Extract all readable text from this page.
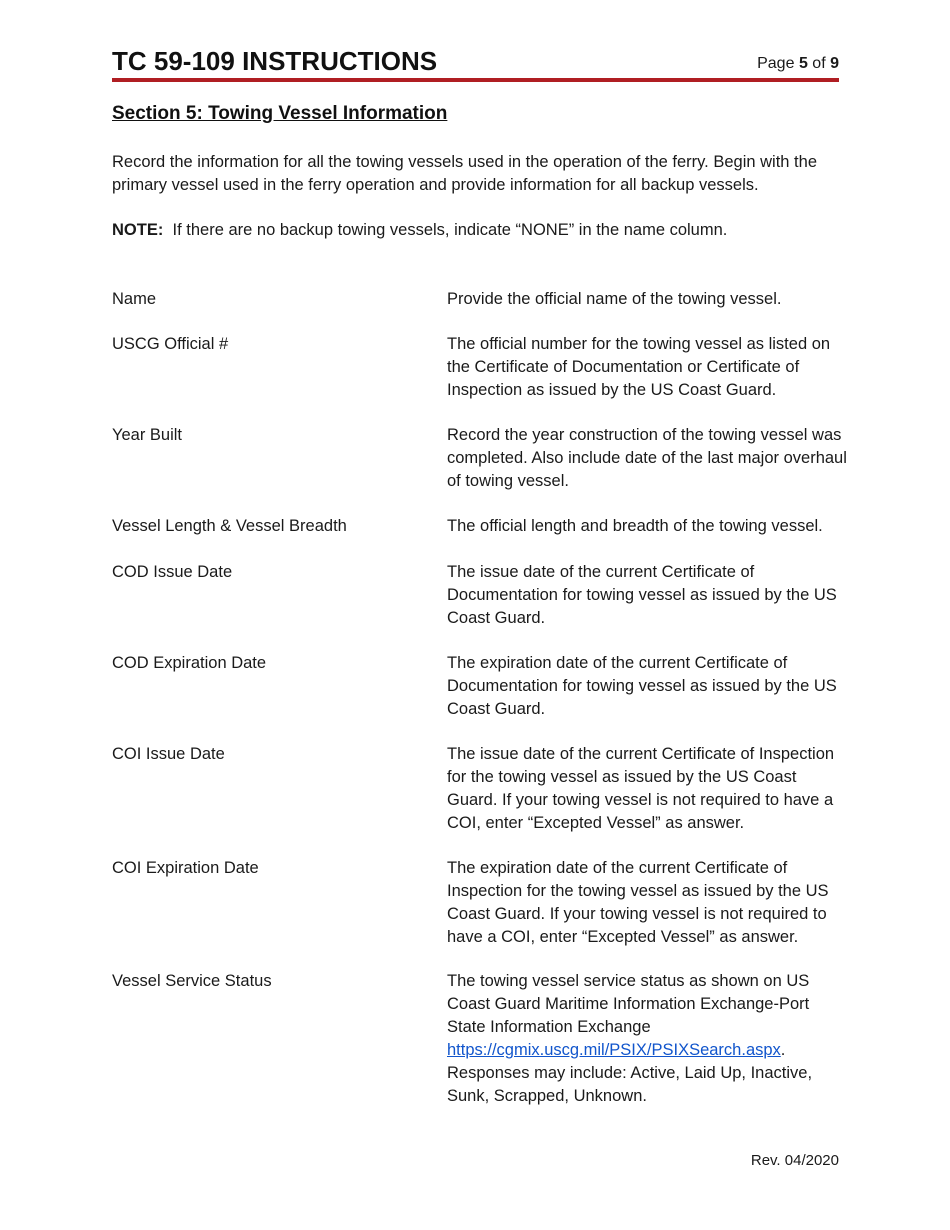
TC 59-109 INSTRUCTIONS	Page 5 of 9
Section 5: Towing Vessel Information
Record the information for all the towing vessels used in the operation of the ferry. Begin with the primary vessel used in the ferry operation and provide information for all backup vessels.
NOTE: If there are no backup towing vessels, indicate “NONE” in the name column.
Name	Provide the official name of the towing vessel.
USCG Official #	The official number for the towing vessel as listed on the Certificate of Documentation or Certificate of Inspection as issued by the US Coast Guard.
Year Built	Record the year construction of the towing vessel was completed. Also include date of the last major overhaul of towing vessel.
Vessel Length & Vessel Breadth	The official length and breadth of the towing vessel.
COD Issue Date	The issue date of the current Certificate of Documentation for towing vessel as issued by the US Coast Guard.
COD Expiration Date	The expiration date of the current Certificate of Documentation for towing vessel as issued by the US Coast Guard.
COI Issue Date	The issue date of the current Certificate of Inspection for the towing vessel as issued by the US Coast Guard. If your towing vessel is not required to have a COI, enter “Excepted Vessel” as answer.
COI Expiration Date	The expiration date of the current Certificate of Inspection for the towing vessel as issued by the US Coast Guard. If your towing vessel is not required to have a COI, enter “Excepted Vessel” as answer.
Vessel Service Status	The towing vessel service status as shown on US Coast Guard Maritime Information Exchange-Port State Information Exchange
https://cgmix.uscg.mil/PSIX/PSIXSearch.aspx.
Responses may include: Active, Laid Up, Inactive, Sunk, Scrapped, Unknown.
Rev. 04/2020
